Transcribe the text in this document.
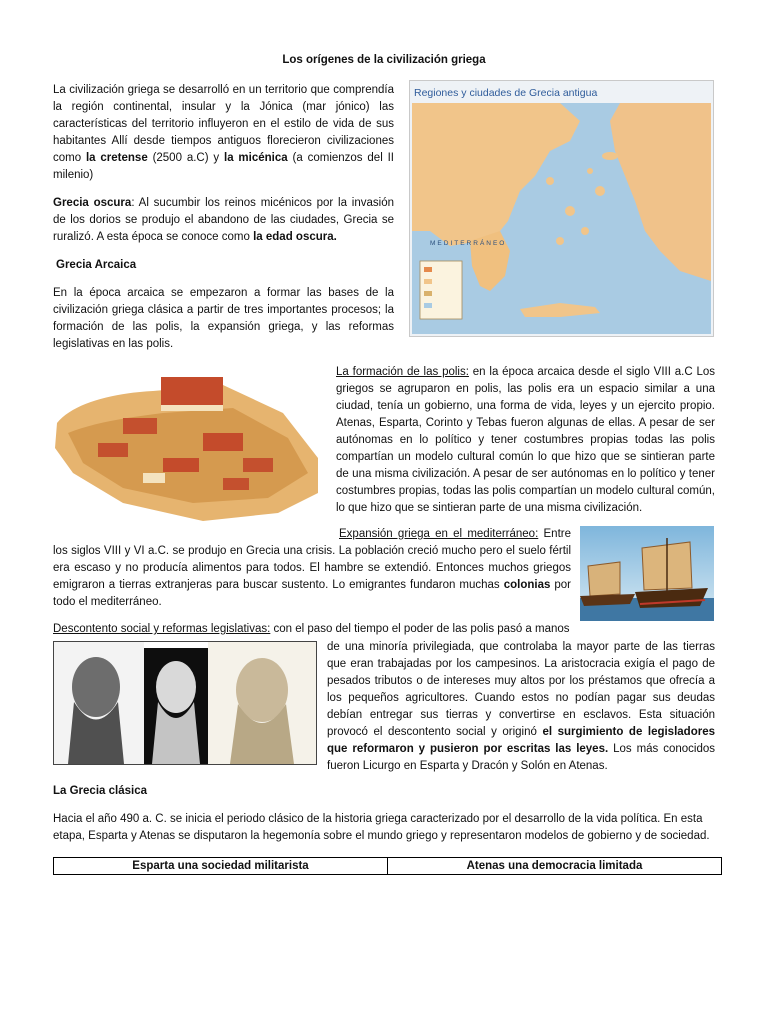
Los orígenes de la civilización griega

La civilización griega se desarrolló en un territorio que comprendía la región continental, insular y la Jónica (mar jónico) las características del territorio influyeron en el estilo de vida de sus habitantes Allí desde tiempos antiguos florecieron civilizaciones como la cretense (2500 a.C) y la micénica (a comienzos del II milenio)

Grecia oscura: Al sucumbir los reinos micénicos por la invasión de los dorios se produjo el abandono de las ciudades, Grecia se ruralizó. A esta época se conoce como la edad oscura.

Grecia Arcaica

En la época arcaica se empezaron a formar las bases de la civilización griega clásica a partir de tres importantes procesos; la formación de las polis, la expansión griega, y las reformas legislativas en las polis.

Regiones y ciudades de Grecia antigua
MEDITERRÁNEO

La formación de las polis: en la época arcaica desde el siglo VIII a.C Los griegos se agruparon en polis, las polis era un espacio similar a una ciudad, tenía un gobierno, una forma de vida, leyes y un ejercito propio. Atenas, Esparta, Corinto y Tebas fueron algunas de ellas. A pesar de ser autónomas en lo político y tener costumbres propias todas las polis compartían un modelo cultural común lo que hizo que se sintieran parte de una misma civilización. A pesar de ser autónomas en lo político y tener costumbres propias, todas las polis compartían un modelo cultural común, lo que hizo que se sintieran parte de una misma civilización.

Expansión griega en el mediterráneo: Entre los siglos VIII y VI a.C. se produjo en Grecia una crisis. La población creció mucho pero el suelo fértil era escaso y no producía alimentos para todos. El hambre se extendió. Entonces muchos griegos emigraron a tierras extranjeras para buscar sustento. Lo emigrantes fundaron muchas colonias por todo el mediterráneo.

Descontento social y reformas legislativas: con el paso del tiempo el poder de las polis pasó a manos

de una minoría privilegiada, que controlaba la mayor parte de las tierras que eran trabajadas por los campesinos. La aristocracia exigía el pago de pesados tributos o de intereses muy altos por los préstamos que ofrecía a los pequeños agricultores. Cuando estos no podían pagar sus deudas debían entregar sus tierras y convertirse en esclavos. Esta situación provocó el descontento social y originó el surgimiento de legisladores que reformaron y pusieron por escritas las leyes. Los más conocidos fueron Licurgo en Esparta y Dracón y Solón en Atenas.

La Grecia clásica

Hacia el año 490 a. C. se inicia el periodo clásico de la historia griega caracterizado por el desarrollo de la vida política. En esta etapa, Esparta y Atenas se disputaron la hegemonía sobre el mundo griego y representaron modelos de gobierno y de sociedad.

Esparta una sociedad militarista	Atenas una democracia limitada
